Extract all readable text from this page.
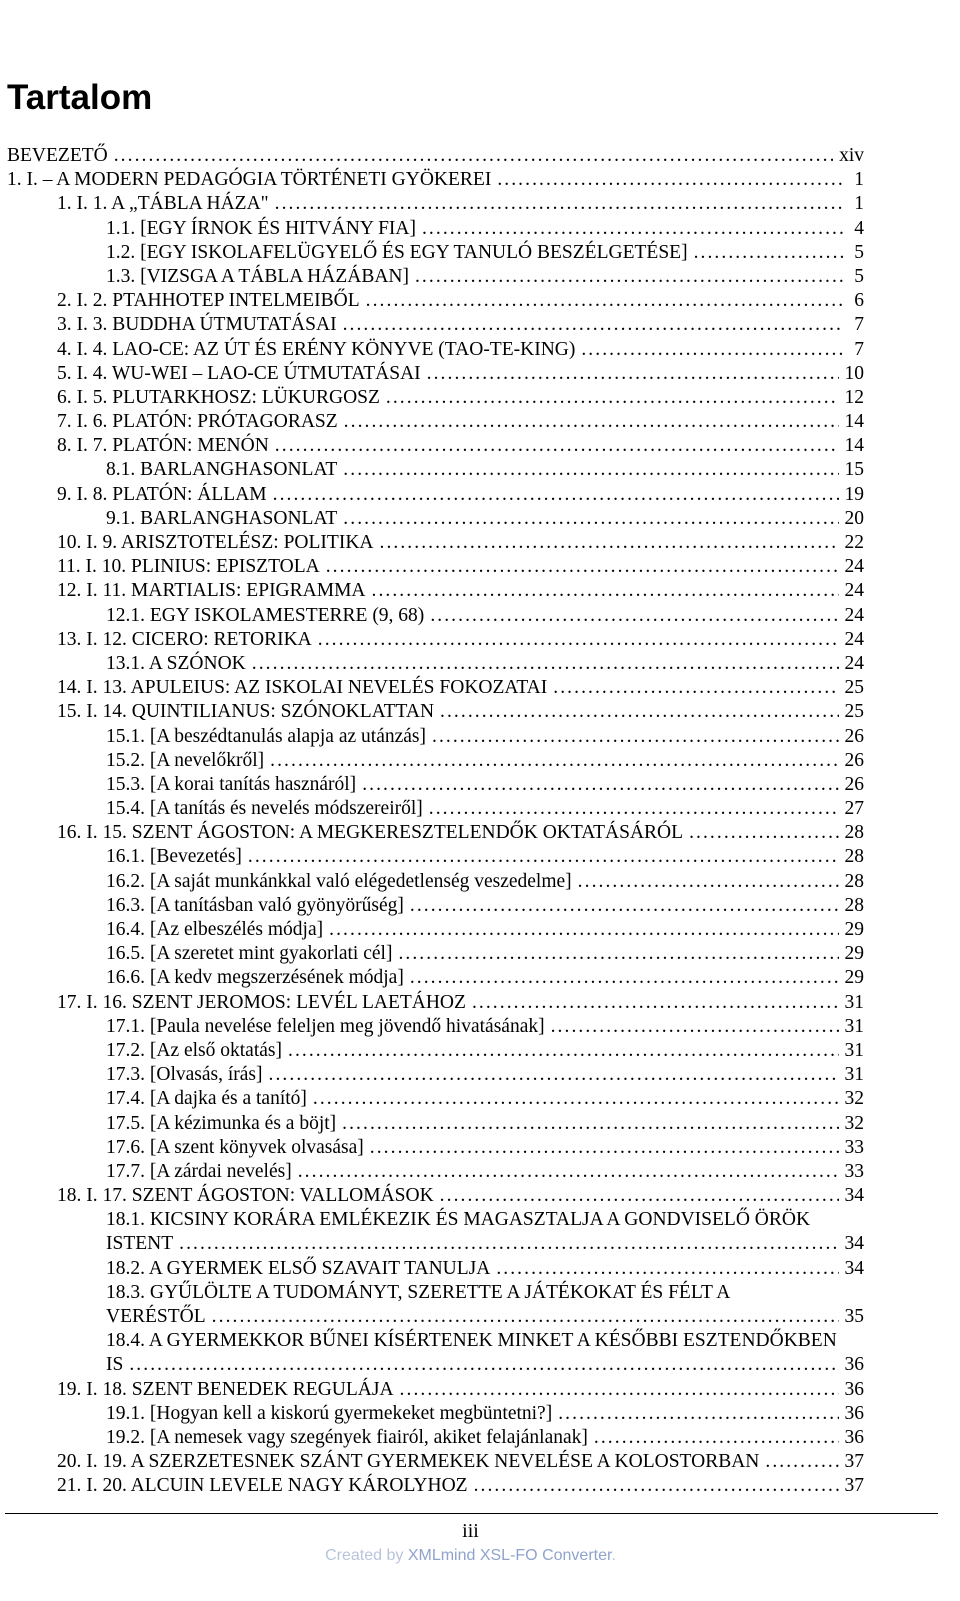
Tartalom
BEVEZETŐ . . .	xiv
1. I. – A MODERN PEDAGÓGIA TÖRTÉNETI GYÖKEREI . . .	1
1. I. 1. A „TÁBLA HÁZA" . . .	1
1.1. [EGY ÍRNOK ÉS HITVÁNY FIA] . . .	4
1.2. [EGY ISKOLAFELÜGYELŐ ÉS EGY TANULÓ BESZÉLGETÉSE] . . .	5
1.3. [VIZSGA A TÁBLA HÁZÁBAN] . . .	5
2. I. 2. PTAHHOTEP INTELMEIBŐL . . .	6
3. I. 3. BUDDHA ÚTMUTATÁSAI . . .	7
4. I. 4. LAO-CE: AZ ÚT ÉS ERÉNY KÖNYVE (TAO-TE-KING) . . .	7
5. I. 4. WU-WEI – LAO-CE ÚTMUTATÁSAI . . .	10
6. I. 5. PLUTARKHOSZ: LÜKURGOSZ . . .	12
7. I. 6. PLATÓN: PRÓTAGORASZ . . .	14
8. I. 7. PLATÓN: MENÓN . . .	14
8.1. BARLANGHASONLAT . . .	15
9. I. 8. PLATÓN: ÁLLAM . . .	19
9.1. BARLANGHASONLAT . . .	20
10. I. 9. ARISZTOTELÉSZ: POLITIKA . . .	22
11. I. 10. PLINIUS: EPISZTOLA . . .	24
12. I. 11. MARTIALIS: EPIGRAMMA . . .	24
12.1. EGY ISKOLAMESTERRE (9, 68) . . .	24
13. I. 12. CICERO: RETORIKA . . .	24
13.1. A SZÓNOK . . .	24
14. I. 13. APULEIUS: AZ ISKOLAI NEVELÉS FOKOZATAI . . .	25
15. I. 14. QUINTILIANUS: SZÓNOKLATTAN . . .	25
15.1. [A beszédtanulás alapja az utánzás] . . .	26
15.2. [A nevelőkről] . . .	26
15.3. [A korai tanítás hasznáról] . . .	26
15.4. [A tanítás és nevelés módszereiről] . . .	27
16. I. 15. SZENT ÁGOSTON: A MEGKERESZTELENDŐK OKTATÁSÁRÓL . . .	28
16.1. [Bevezetés] . . .	28
16.2. [A saját munkánkkal való elégedetlenség veszedelme] . . .	28
16.3. [A tanításban való gyönyörűség] . . .	28
16.4. [Az elbeszélés módja] . . .	29
16.5. [A szeretet mint gyakorlati cél] . . .	29
16.6. [A kedv megszerzésének módja] . . .	29
17. I. 16. SZENT JEROMOS: LEVÉL LAETÁHOZ . . .	31
17.1. [Paula nevelése feleljen meg jövendő hivatásának] . . .	31
17.2. [Az első oktatás] . . .	31
17.3. [Olvasás, írás] . . .	31
17.4. [A dajka és a tanító] . . .	32
17.5. [A kézimunka és a böjt] . . .	32
17.6. [A szent könyvek olvasása] . . .	33
17.7. [A zárdai nevelés] . . .	33
18. I. 17. SZENT ÁGOSTON: VALLOMÁSOK . . .	34
18.1. KICSINY KORÁRA EMLÉKEZIK ÉS MAGASZTALJA A GONDVISELŐ ÖRÖK
ISTENT . . .	34
18.2. A GYERMEK ELSŐ SZAVAIT TANULJA . . .	34
18.3. GYŰLÖLTE A TUDOMÁNYT, SZERETTE A JÁTÉKOKAT ÉS FÉLT A
VERÉSTŐL . . .	35
18.4. A GYERMEKKOR BŰNEI KÍSÉRTENEK MINKET A KÉSŐBBI ESZTENDŐKBEN
IS . . .	36
19. I. 18. SZENT BENEDEK REGULÁJA . . .	36
19.1. [Hogyan kell a kiskorú gyermekeket megbüntetni?] . . .	36
19.2. [A nemesek vagy szegények fiairól, akiket felajánlanak] . . .	36
20. I. 19. A SZERZETESNEK SZÁNT GYERMEKEK NEVELÉSE A KOLOSTORBAN . . .	37
21. I. 20. ALCUIN LEVELE NAGY KÁROLYHOZ . . .	37
iii
Created by XMLmind XSL-FO Converter.
